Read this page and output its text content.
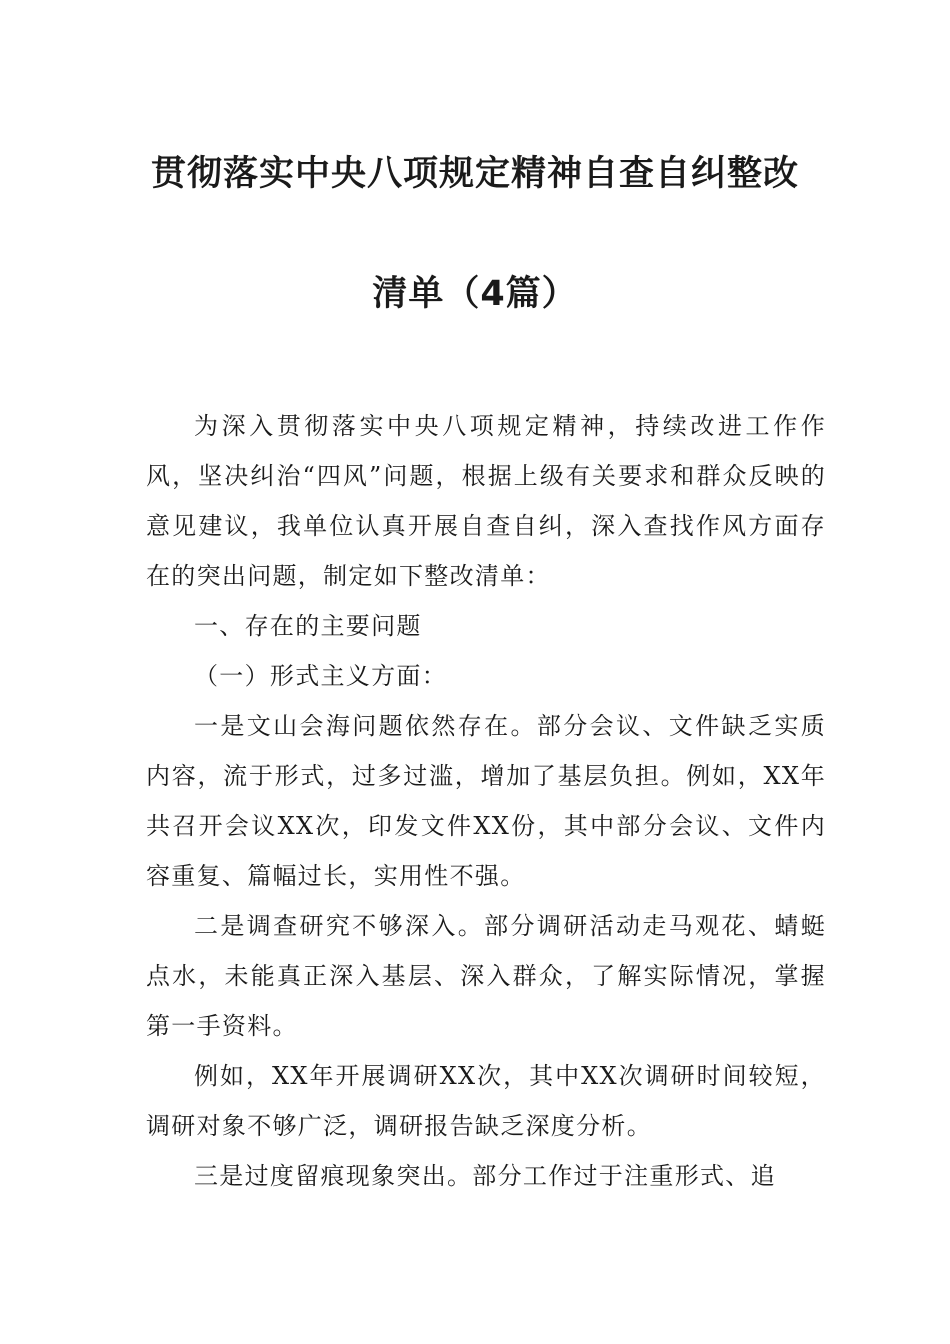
贯彻落实中央八项规定精神自查自纠整改
清单（4篇）

为深入贯彻落实中央八项规定精神，持续改进工作作风，坚决纠治“四风”问题，根据上级有关要求和群众反映的意见建议，我单位认真开展自查自纠，深入查找作风方面存在的突出问题，制定如下整改清单：

一、存在的主要问题

（一）形式主义方面：

一是文山会海问题依然存在。部分会议、文件缺乏实质内容，流于形式，过多过滥，增加了基层负担。例如，XX年共召开会议XX次，印发文件XX份，其中部分会议、文件内容重复、篇幅过长，实用性不强。

二是调查研究不够深入。部分调研活动走马观花、蜻蜓点水，未能真正深入基层、深入群众，了解实际情况，掌握第一手资料。

例如，XX年开展调研XX次，其中XX次调研时间较短，调研对象不够广泛，调研报告缺乏深度分析。

三是过度留痕现象突出。部分工作过于注重形式、追
